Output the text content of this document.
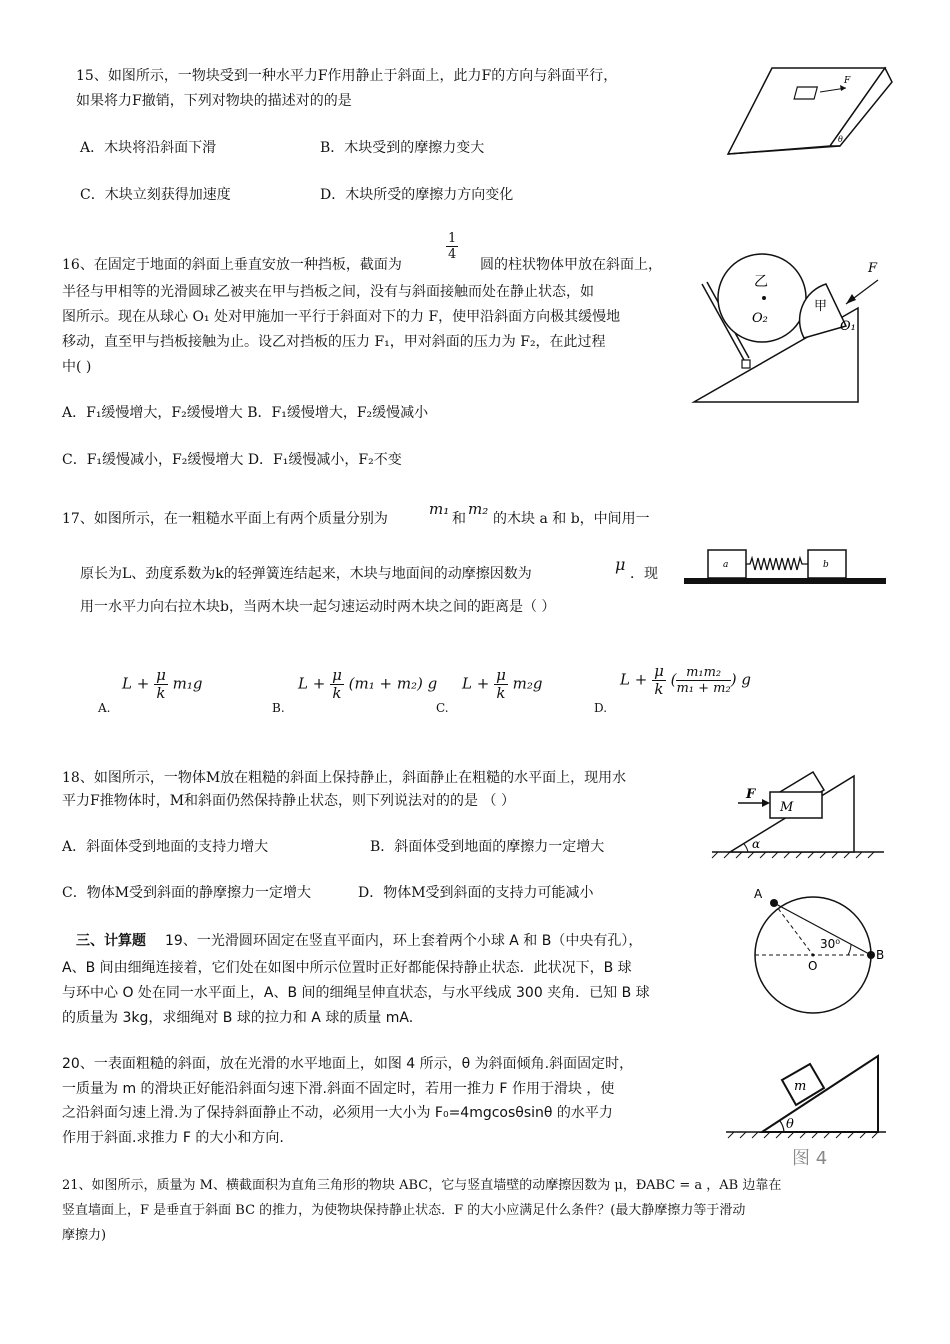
15、如图所示，一物块受到一种水平力F作用静止于斜面上，此力F的方向与斜面平行，
如果将力F撤销，下列对物块的描述对的的是
A．木块将沿斜面下滑	B．木块受到的摩擦力变大
C．木块立刻获得加速度	D．木块所受的摩擦力方向变化
F
θ
16、在固定于地面的斜面上垂直安放一种挡板，截面为
$\frac{1}{4}$
圆的柱状物体甲放在斜面上，
半径与甲相等的光滑圆球乙被夹在甲与挡板之间，没有与斜面接触而处在静止状态，如
图所示。现在从球心 O₁ 处对甲施加一平行于斜面对下的力 F，使甲沿斜面方向极其缓慢地
移动，直至甲与挡板接触为止。设乙对挡板的压力 F₁，甲对斜面的压力为 F₂，在此过程
中( )
A．F₁缓慢增大，F₂缓慢增大 B．F₁缓慢增大，F₂缓慢减小
C．F₁缓慢减小，F₂缓慢增大 D．F₁缓慢减小，F₂不变
乙
甲
O₂
O₁
F
17、如图所示，在一粗糙水平面上有两个质量分别为
m₁
和
m₂
的木块 a 和 b，中间用一
原长为L、劲度系数为k的轻弹簧连结起来，木块与地面间的动摩擦因数为	μ ．现
用一水平力向右拉木块b，当两木块一起匀速运动时两木块之间的距离是（ ）
a	b
A.
$L + \frac{\mu}{k} m_1g$
B.
$L + \frac{\mu}{k} (m_1 + m_2)$ g
C.
$L + \frac{\mu}{k} m_2g$
D.
$L + \frac{\mu}{k}$ ( $\frac{\text{m₁m₂}}{\text{m₁ + m₂}}$ ) g
18、如图所示，一物体M放在粗糙的斜面上保持静止，斜面静止在粗糙的水平面上，现用水
平力F推物体时，M和斜面仍然保持静止状态，则下列说法对的的是 （ ）
A．斜面体受到地面的支持力增大	B．斜面体受到地面的摩擦力一定增大
C．物体M受到斜面的静摩擦力一定增大	D．物体M受到斜面的支持力可能减小
F
M
α
三、计算题 19、一光滑圆环固定在竖直平面内，环上套着两个小球 A 和 B（中央有孔），
A、B 间由细绳连接着，它们处在如图中所示位置时正好都能保持静止状态．此状况下，B 球
与环中心 O 处在同一水平面上，A、B 间的细绳呈伸直状态，与水平线成 300 夹角．已知 B 球
的质量为 3kg，求细绳对 B 球的拉力和 A 球的质量 mA.
A
B
O
30⁰
20、一表面粗糙的斜面，放在光滑的水平地面上，如图 4 所示，θ 为斜面倾角.斜面固定时，
一质量为 m 的滑块正好能沿斜面匀速下滑.斜面不固定时，若用一推力 F 作用于滑块 ，使
之沿斜面匀速上滑.为了保持斜面静止不动，必须用一大小为 F₀=4mgcosθsinθ 的水平力
作用于斜面.求推力 F 的大小和方向.
m
θ
图 4
21、如图所示，质量为 M、横截面积为直角三角形的物块 ABC，它与竖直墙壁的动摩擦因数为 μ，ÐABC = a ，AB 边靠在
竖直墙面上，F 是垂直于斜面 BC 的推力，为使物块保持静止状态．F 的大小应满足什么条件？(最大静摩擦力等于滑动
摩擦力)
